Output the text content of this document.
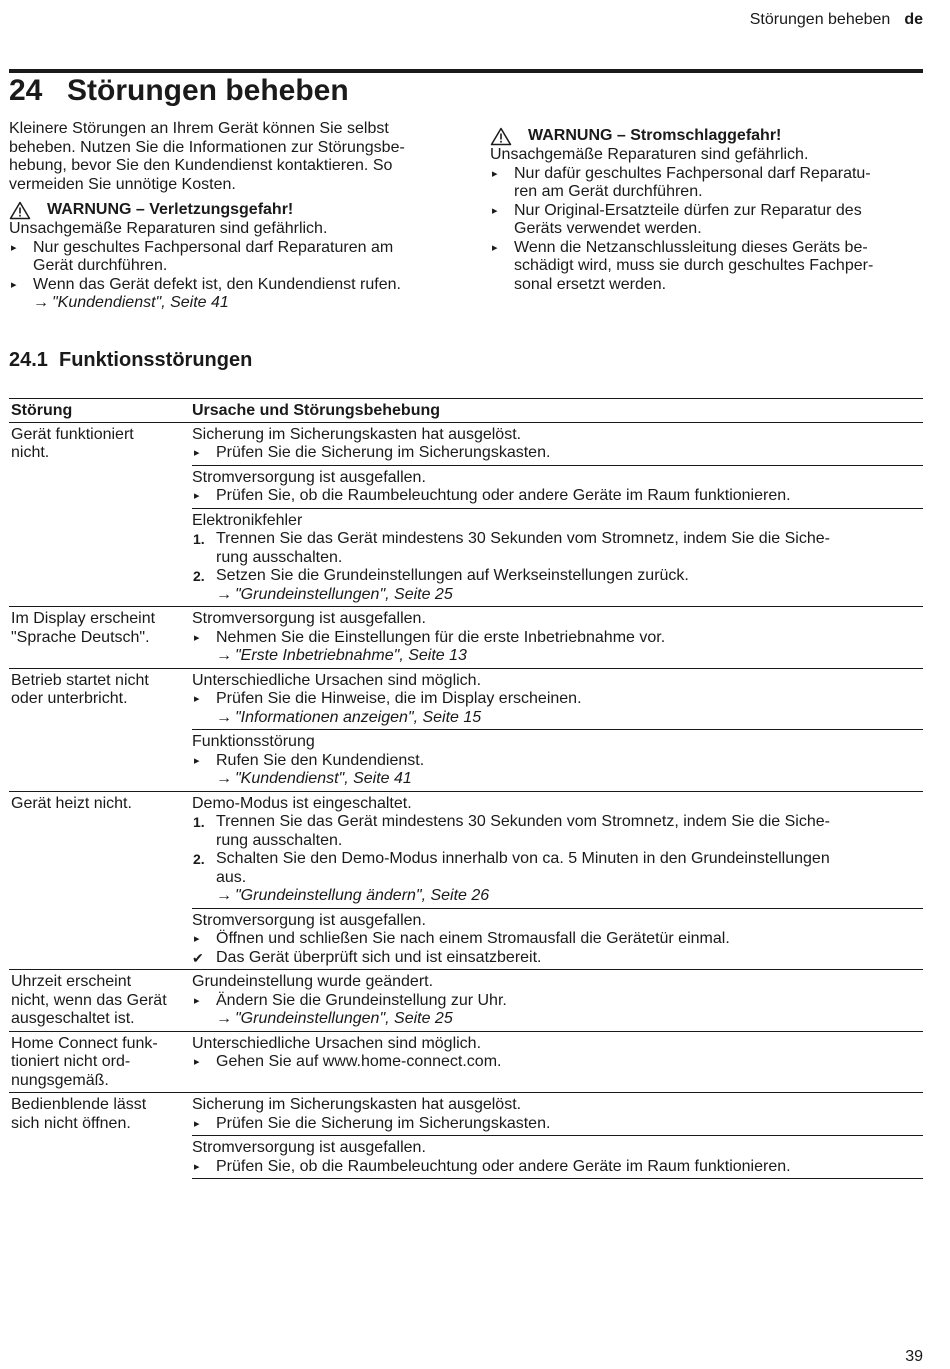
Störungen beheben de
24 Störungen beheben
Kleinere Störungen an Ihrem Gerät können Sie selbst
beheben. Nutzen Sie die Informationen zur Störungsbe-
hebung, bevor Sie den Kundendienst kontaktieren. So
vermeiden Sie unnötige Kosten.
WARNUNG – Verletzungsgefahr!
Unsachgemäße Reparaturen sind gefährlich.
▸ Nur geschultes Fachpersonal darf Reparaturen am
Gerät durchführen.
▸ Wenn das Gerät defekt ist, den Kundendienst rufen.
→ "Kundendienst", Seite 41
WARNUNG – Stromschlaggefahr!
Unsachgemäße Reparaturen sind gefährlich.
▸ Nur dafür geschultes Fachpersonal darf Reparatu-
ren am Gerät durchführen.
▸ Nur Original-Ersatzteile dürfen zur Reparatur des
Geräts verwendet werden.
▸ Wenn die Netzanschlussleitung dieses Geräts be-
schädigt wird, muss sie durch geschultes Fachper-
sonal ersetzt werden.
24.1 Funktionsstörungen
Störung	Ursache und Störungsbehebung
Gerät funktioniert
nicht.
Sicherung im Sicherungskasten hat ausgelöst.
▸ Prüfen Sie die Sicherung im Sicherungskasten.
Stromversorgung ist ausgefallen.
▸ Prüfen Sie, ob die Raumbeleuchtung oder andere Geräte im Raum funktionieren.
Elektronikfehler
1. Trennen Sie das Gerät mindestens 30 Sekunden vom Stromnetz, indem Sie die Siche-
rung ausschalten.
2. Setzen Sie die Grundeinstellungen auf Werkseinstellungen zurück.
→ "Grundeinstellungen", Seite 25
Im Display erscheint
"Sprache Deutsch".
Stromversorgung ist ausgefallen.
▸ Nehmen Sie die Einstellungen für die erste Inbetriebnahme vor.
→ "Erste Inbetriebnahme", Seite 13
Betrieb startet nicht
oder unterbricht.
Unterschiedliche Ursachen sind möglich.
▸ Prüfen Sie die Hinweise, die im Display erscheinen.
→ "Informationen anzeigen", Seite 15
Funktionsstörung
▸ Rufen Sie den Kundendienst.
→ "Kundendienst", Seite 41
Gerät heizt nicht.	Demo-Modus ist eingeschaltet.
1. Trennen Sie das Gerät mindestens 30 Sekunden vom Stromnetz, indem Sie die Siche-
rung ausschalten.
2. Schalten Sie den Demo-Modus innerhalb von ca. 5 Minuten in den Grundeinstellungen
aus.
→ "Grundeinstellung ändern", Seite 26
Stromversorgung ist ausgefallen.
▸ Öffnen und schließen Sie nach einem Stromausfall die Gerätetür einmal.
✔ Das Gerät überprüft sich und ist einsatzbereit.
Uhrzeit erscheint
nicht, wenn das Gerät
ausgeschaltet ist.
Grundeinstellung wurde geändert.
▸ Ändern Sie die Grundeinstellung zur Uhr.
→ "Grundeinstellungen", Seite 25
Home Connect funk-
tioniert nicht ord-
nungsgemäß.
Unterschiedliche Ursachen sind möglich.
▸ Gehen Sie auf www.home-connect.com.
Bedienblende lässt
sich nicht öffnen.
Sicherung im Sicherungskasten hat ausgelöst.
▸ Prüfen Sie die Sicherung im Sicherungskasten.
Stromversorgung ist ausgefallen.
▸ Prüfen Sie, ob die Raumbeleuchtung oder andere Geräte im Raum funktionieren.
39
